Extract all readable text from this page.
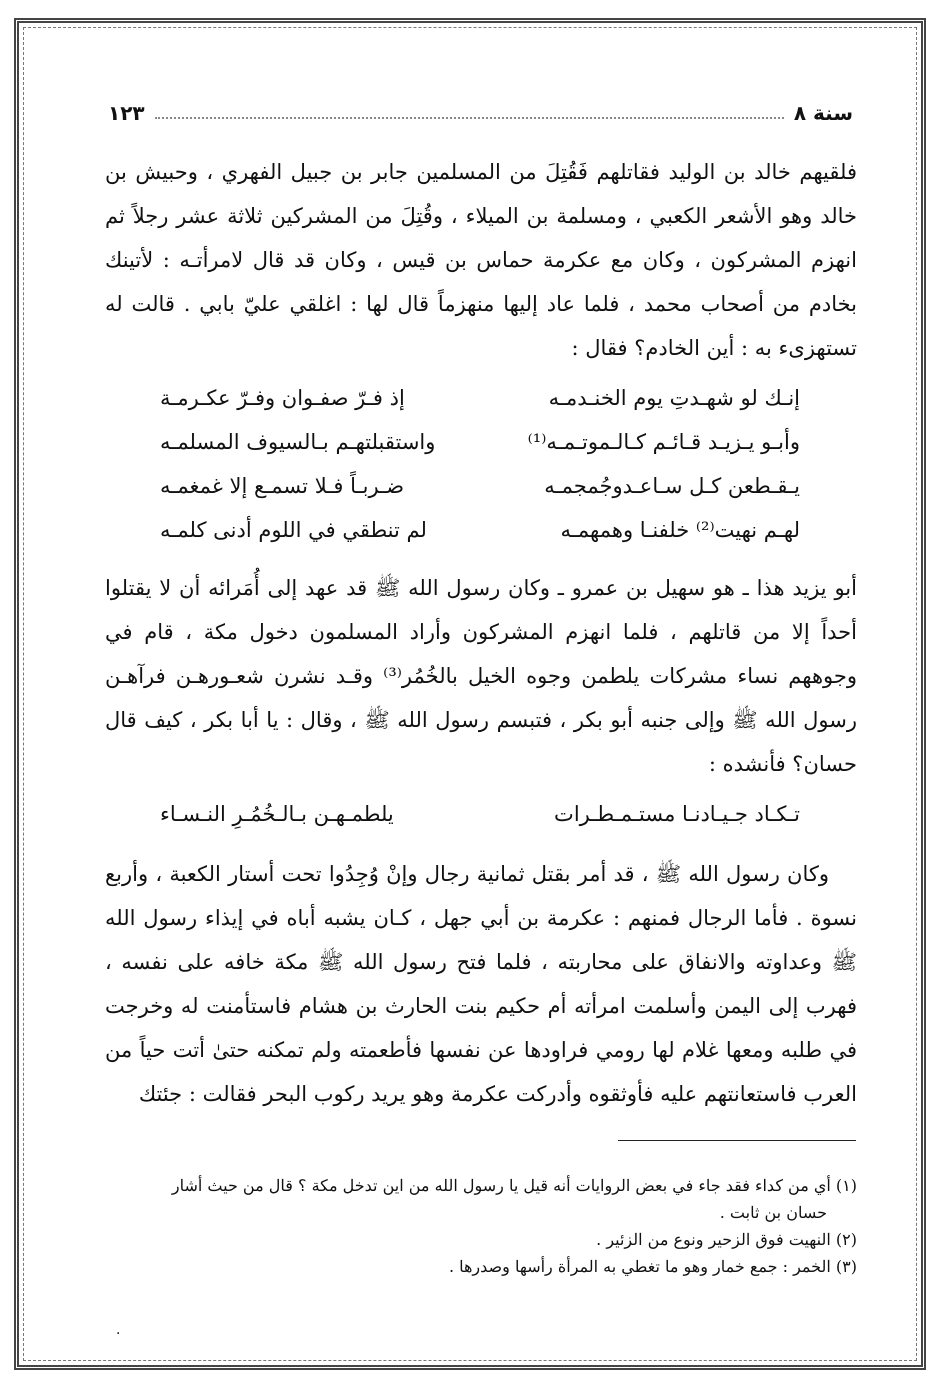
سنة ٨
١٢٣

فلقيهم خالد بن الوليد فقاتلهم فَقُتِلَ من المسلمين جابر بن جبيل الفهري ، وحبيش بن خالد وهو الأشعر الكعبي ، ومسلمة بن الميلاء ، وقُتِلَ من المشركين ثلاثة عشر رجلاً ثم انهزم المشركون ، وكان مع عكرمة حماس بن قيس ، وكان قد قال لامرأتـه : لأتينك بخادم من أصحاب محمد ، فلما عاد إليها منهزماً قال لها : اغلقي عليّ بابي . قالت له تستهزىء به : أين الخادم؟ فقال :

إنـك لو شهـدتِ يوم الخنـدمـه
إذ فـرّ صفـوان وفـرّ عكـرمـة
وأبـو يـزيـد قـائـم كـالـموتـمـه⁽¹⁾
واستقبلتهـم بـالسيوف المسلمـه
يـقـطعن كـل سـاعـدوجُمجمـه
ضـربـاً فـلا تسمـع إلا غمغمـه
لهـم نهيت⁽²⁾ خلفنـا وهمهمـه
لم تنطقي في اللوم أدنى كلمـه

أبو يزيد هذا ـ هو سهيل بن عمرو ـ وكان رسول الله ﷺ قد عهد إلى أُمَرائه أن لا يقتلوا أحداً إلا من قاتلهم ، فلما انهزم المشركون وأراد المسلمون دخول مكة ، قام في وجوههم نساء مشركات يلطمن وجوه الخيل بالخُمُر⁽³⁾ وقـد نشرن شعـورهـن فرآهـن رسول الله ﷺ وإلى جنبه أبو بكر ، فتبسم رسول الله ﷺ ، وقال : يا أبا بكر ، كيف قال حسان؟ فأنشده :

تـكـاد جـيـادنـا مستـمـطـرات
يلطمـهـن بـالـخُمُـرِ النـسـاء

وكان رسول الله ﷺ ، قد أمر بقتل ثمانية رجال وإنْ وُجِدُوا تحت أستار الكعبة ، وأربع نسوة . فأما الرجال فمنهم : عكرمة بن أبي جهل ، كـان يشبه أباه في إيذاء رسول الله ﷺ وعداوته والانفاق على محاربته ، فلما فتح رسول الله ﷺ مكة خافه على نفسه ، فهرب إلى اليمن وأسلمت امرأته أم حكيم بنت الحارث بن هشام فاستأمنت له وخرجت في طلبه ومعها غلام لها رومي فراودها عن نفسها فأطعمته ولم تمكنه حتىٰ أتت حياً من العرب فاستعانتهم عليه فأوثقوه وأدركت عكرمة وهو يريد ركوب البحر فقالت : جئتك

(١) أي من كداء فقد جاء في بعض الروايات أنه قيل يا رسول الله من اين تدخل مكة ؟ قال من حيث أشار

حسان بن ثابت .

(٢) النهيت فوق الزحير ونوع من الزئير .

(٣) الخمر : جمع خمار وهو ما تغطي به المرأة رأسها وصدرها .

.
